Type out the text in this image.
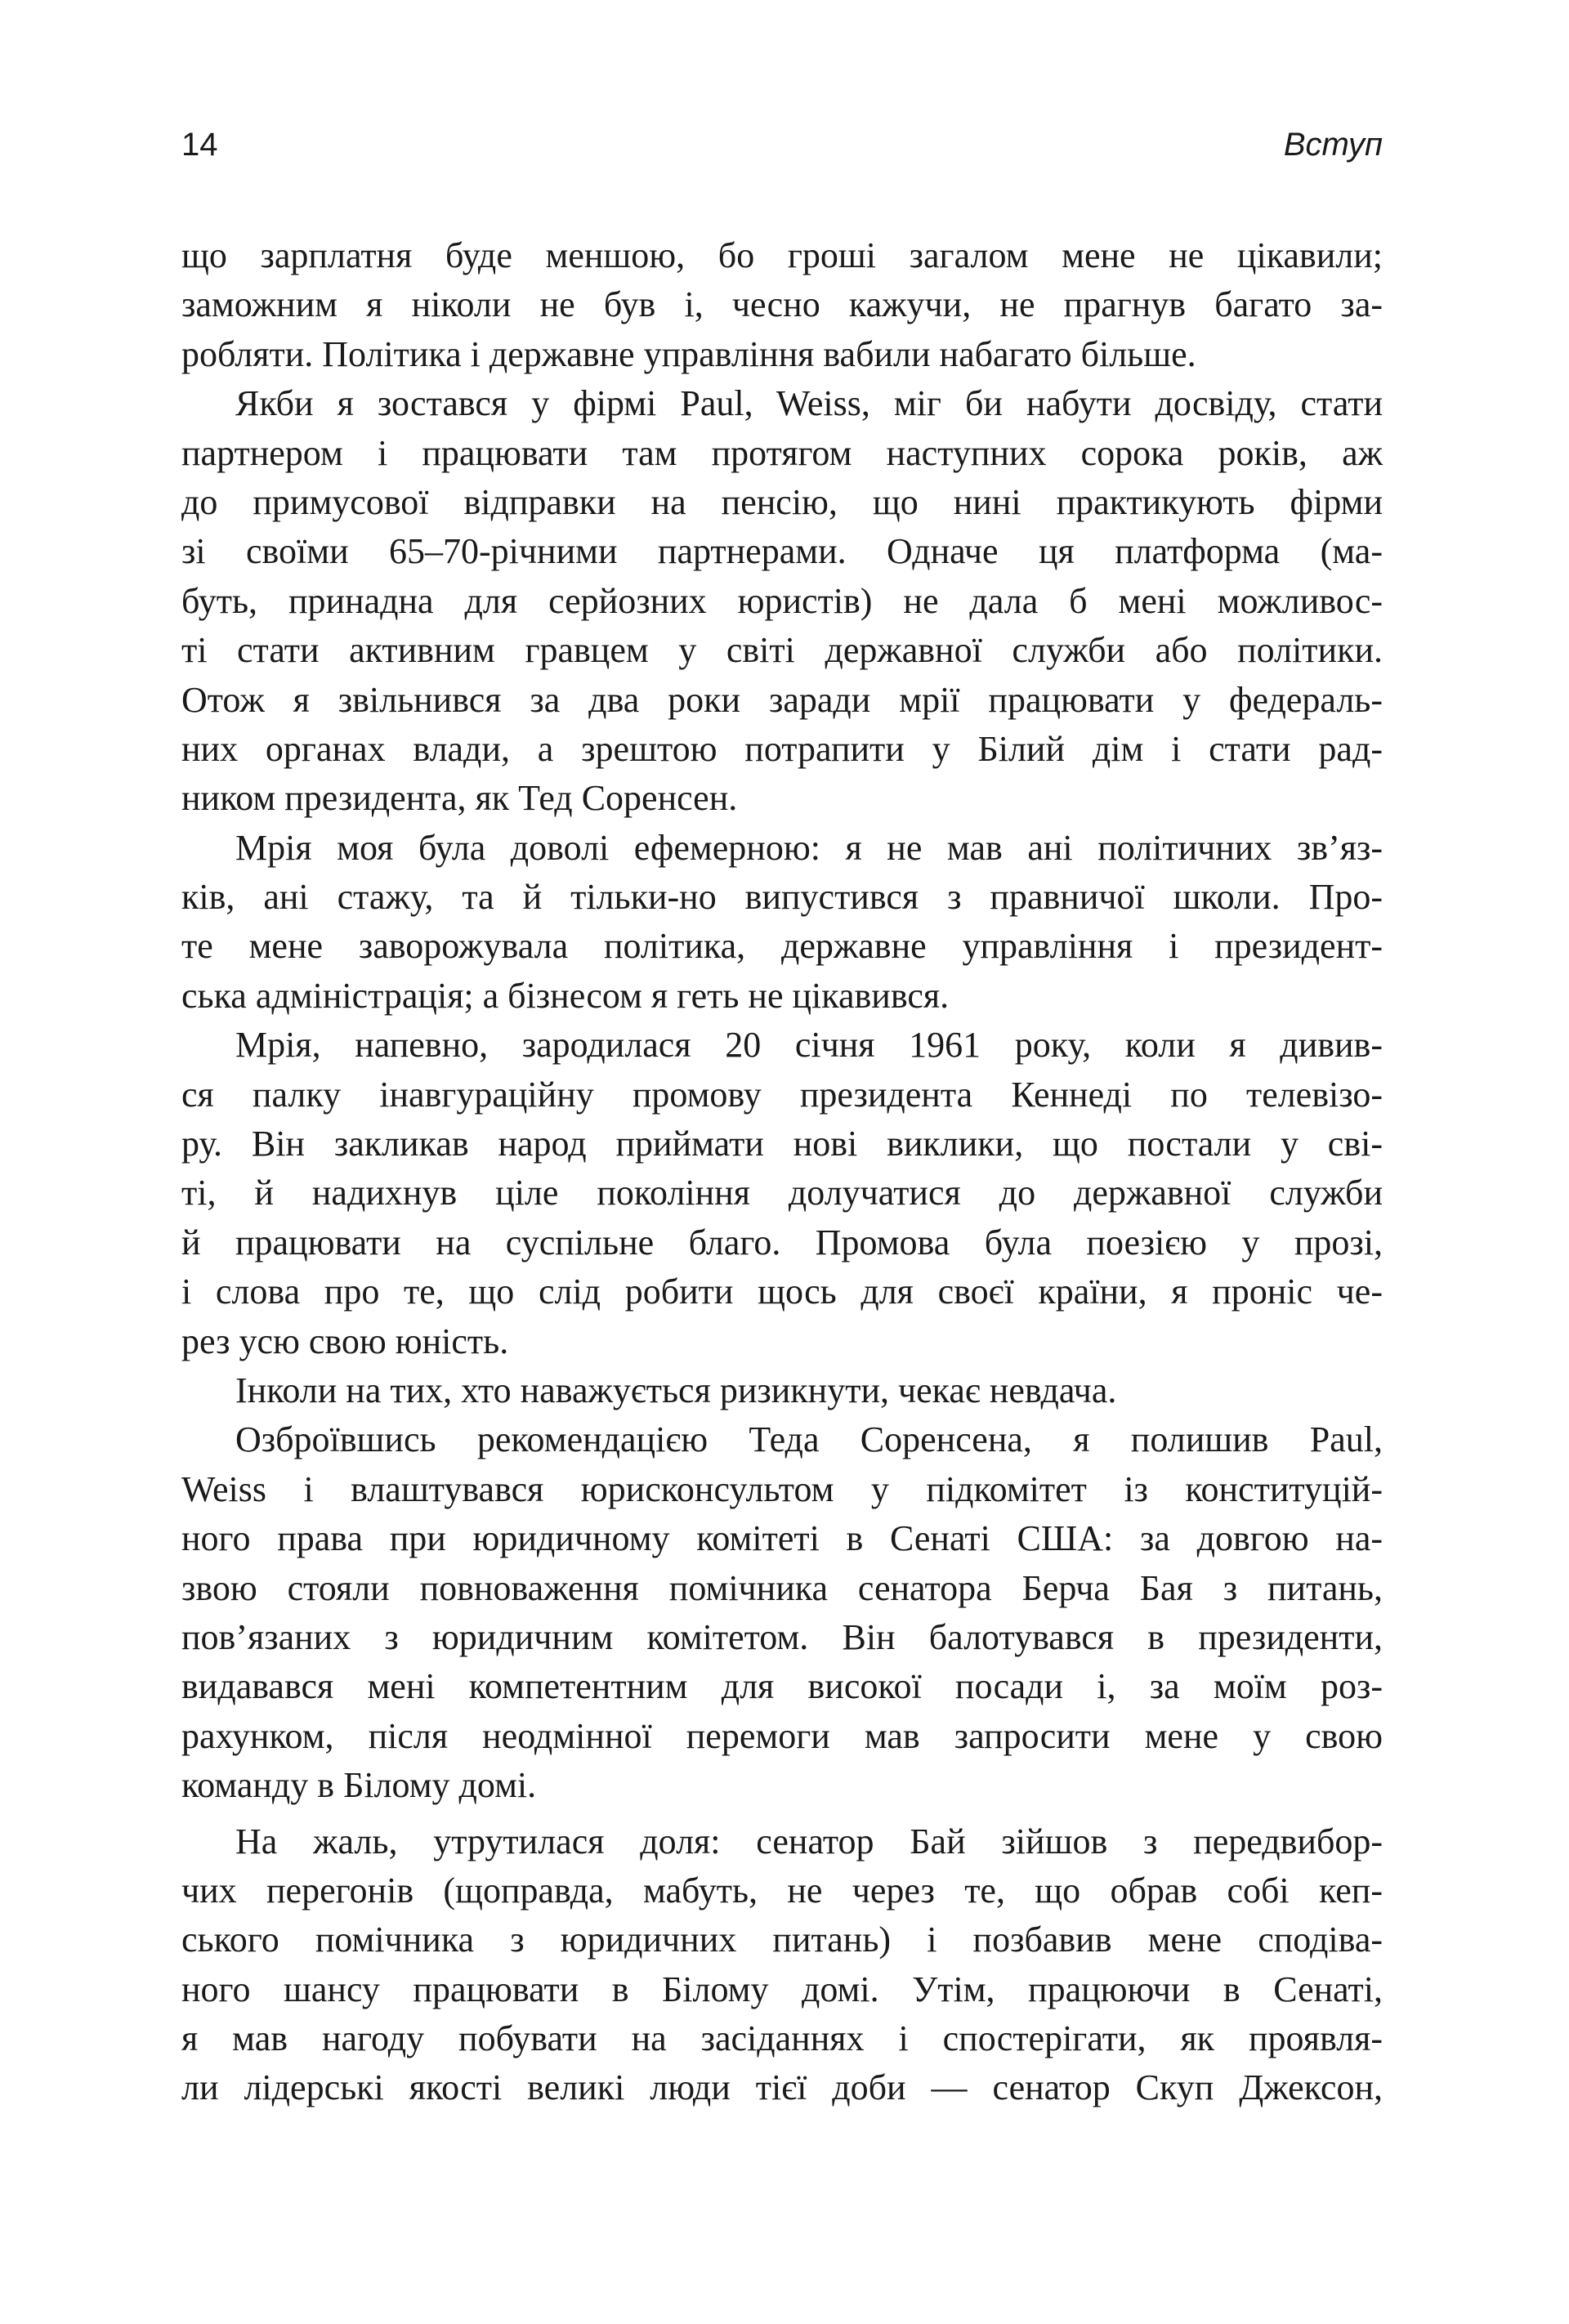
14	Вступ
що зарплатня буде меншою, бо гроші загалом мене не цікавили;
заможним я ніколи не був і, чесно кажучи, не прагнув багато за-
робляти. Політика і державне управління вабили набагато більше.
Якби я зостався у фірмі Paul, Weiss, міг би набути досвіду, стати
партнером і працювати там протягом наступних сорока років, аж
до примусової відправки на пенсію, що нині практикують фірми
зі своїми 65–70-річними партнерами. Одначе ця платформа (ма-
буть, принадна для серйозних юристів) не дала б мені можливос-
ті стати активним гравцем у світі державної служби або політики.
Отож я звільнився за два роки заради мрії працювати у федераль-
них органах влади, а зрештою потрапити у Білий дім і стати рад-
ником президента, як Тед Соренсен.
Мрія моя була доволі ефемерною: я не мав ані політичних зв’яз-
ків, ані стажу, та й тільки-но випустився з правничої школи. Про-
те мене заворожувала політика, державне управління і президент-
ська адміністрація; а бізнесом я геть не цікавився.
Мрія, напевно, зародилася 20 січня 1961 року, коли я дивив-
ся палку інавгураційну промову президента Кеннеді по телевізо-
ру. Він закликав народ приймати нові виклики, що постали у сві-
ті, й надихнув ціле покоління долучатися до державної служби
й працювати на суспільне благо. Промова була поезією у прозі,
і слова про те, що слід робити щось для своєї країни, я проніс че-
рез усю свою юність.
Інколи на тих, хто наважується ризикнути, чекає невдача.
Озброївшись рекомендацією Теда Соренсена, я полишив Paul,
Weiss і влаштувався юрисконсультом у підкомітет із конституцій-
ного права при юридичному комітеті в Сенаті США: за довгою на-
звою стояли повноваження помічника сенатора Берча Бая з питань,
пов’язаних з юридичним комітетом. Він балотувався в президенти,
видавався мені компетентним для високої посади і, за моїм роз-
рахунком, після неодмінної перемоги мав запросити мене у свою
команду в Білому домі.
На жаль, утрутилася доля: сенатор Бай зійшов з передвибор-
чих перегонів (щоправда, мабуть, не через те, що обрав собі кеп-
ського помічника з юридичних питань) і позбавив мене сподіва-
ного шансу працювати в Білому домі. Утім, працюючи в Сенаті,
я мав нагоду побувати на засіданнях і спостерігати, як проявля-
ли лідерські якості великі люди тієї доби — сенатор Скуп Джексон,
